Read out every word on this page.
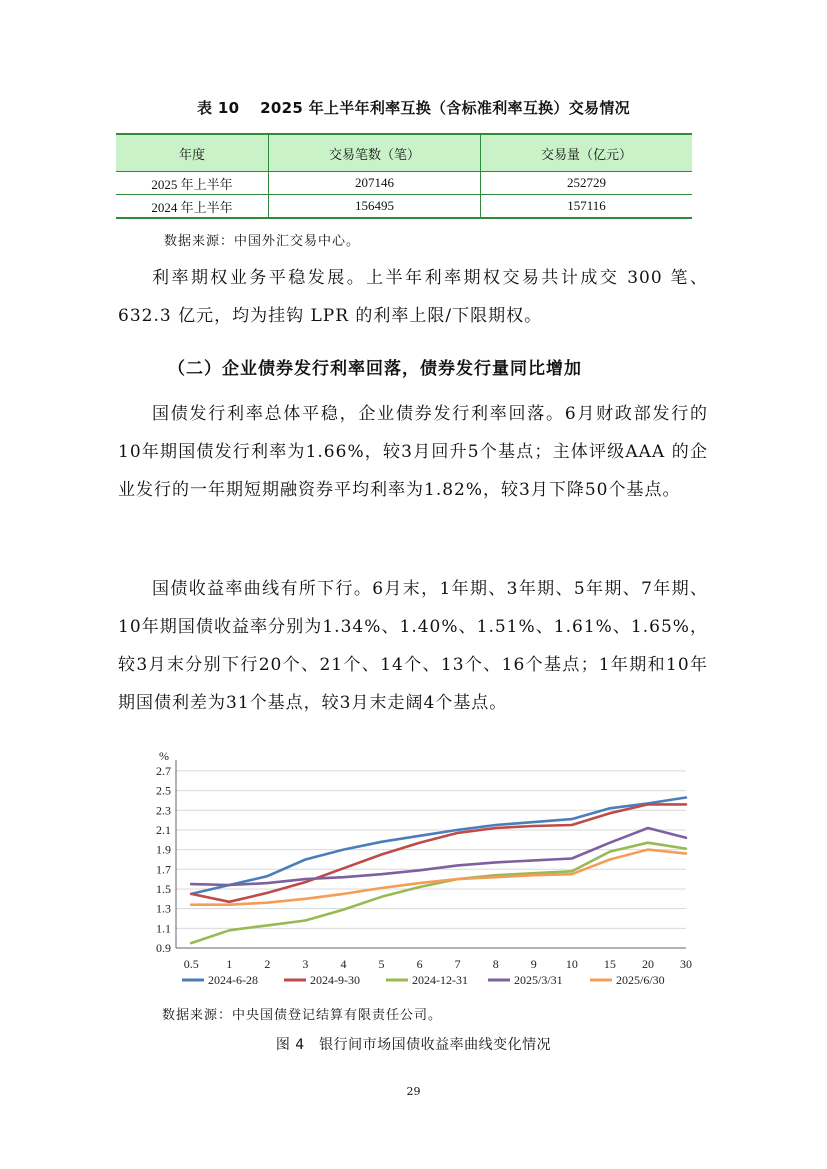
表 10  2025 年上半年利率互换（含标准利率互换）交易情况
年度	交易笔数（笔）	交易量（亿元）
2025 年上半年	207146	252729
2024 年上半年	156495	157116
数据来源：中国外汇交易中心。
利率期权业务平稳发展。上半年利率期权交易共计成交 300 笔、632.3 亿元，均为挂钩 LPR 的利率上限/下限期权。
（二）企业债券发行利率回落，债券发行量同比增加
国债发行利率总体平稳，企业债券发行利率回落。6月财政部发行的10年期国债发行利率为1.66%，较3月回升5个基点；主体评级AAA 的企业发行的一年期短期融资券平均利率为1.82%，较3月下降50个基点。
国债收益率曲线有所下行。6月末，1年期、3年期、5年期、7年期、10年期国债收益率分别为1.34%、1.40%、1.51%、1.61%、1.65%，较3月末分别下行20个、21个、14个、13个、16个基点；1年期和10年期国债利差为31个基点，较3月末走阔4个基点。
0.9
1.1
1.3
1.5
1.7
1.9
2.1
2.3
2.5
2.7
%
0.5 1	2	3	4	5	6	7	8	9 10 15 20 30
2024-6-28	2024-9-30	2024-12-31	2025/3/31	2025/6/30
数据来源：中央国债登记结算有限责任公司。
图 4 银行间市场国债收益率曲线变化情况
29
